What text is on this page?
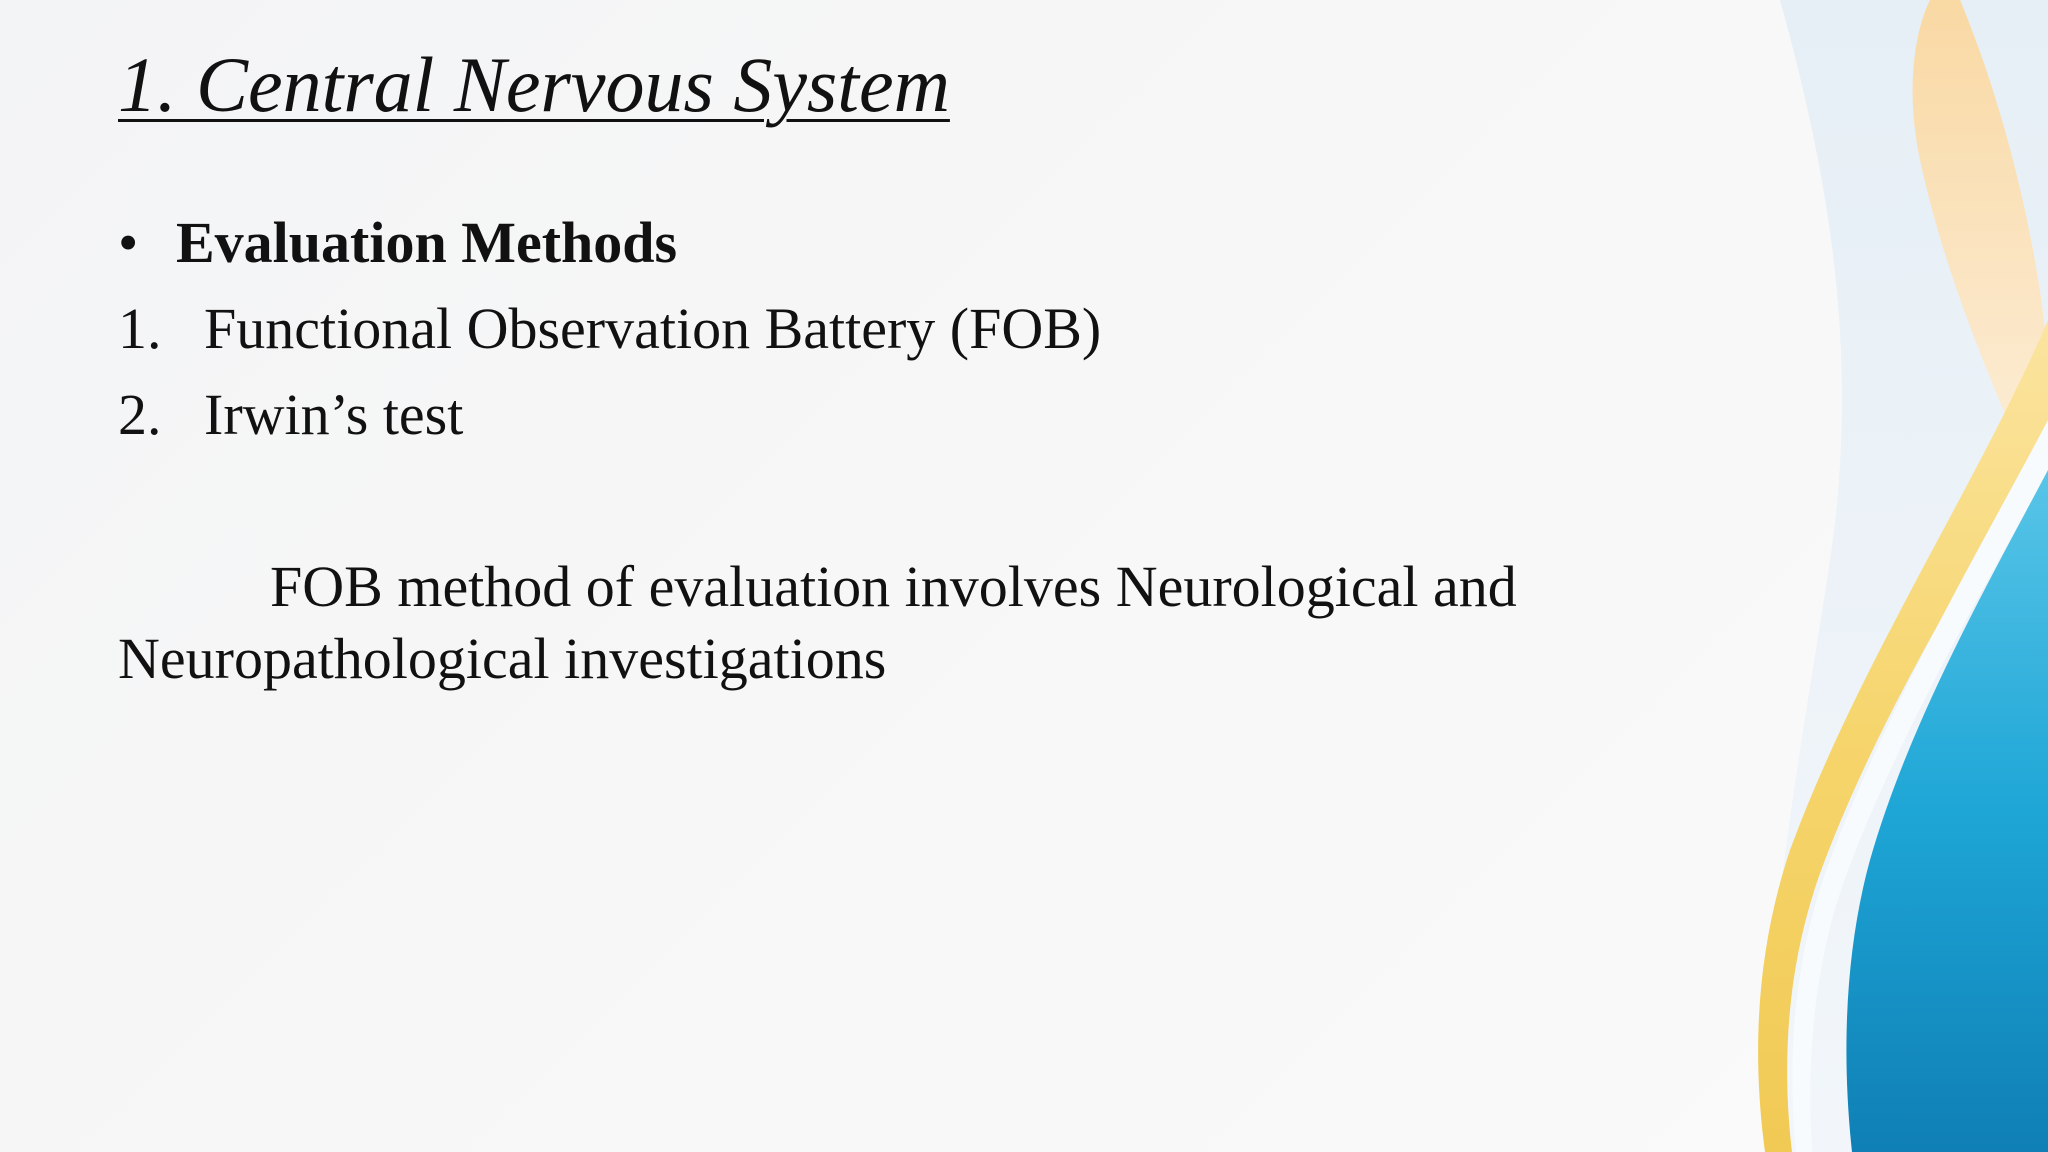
1. Central Nervous System
• Evaluation Methods
1. Functional Observation Battery (FOB)
2. Irwin’s test

FOB method of evaluation involves Neurological and Neuropathological investigations
